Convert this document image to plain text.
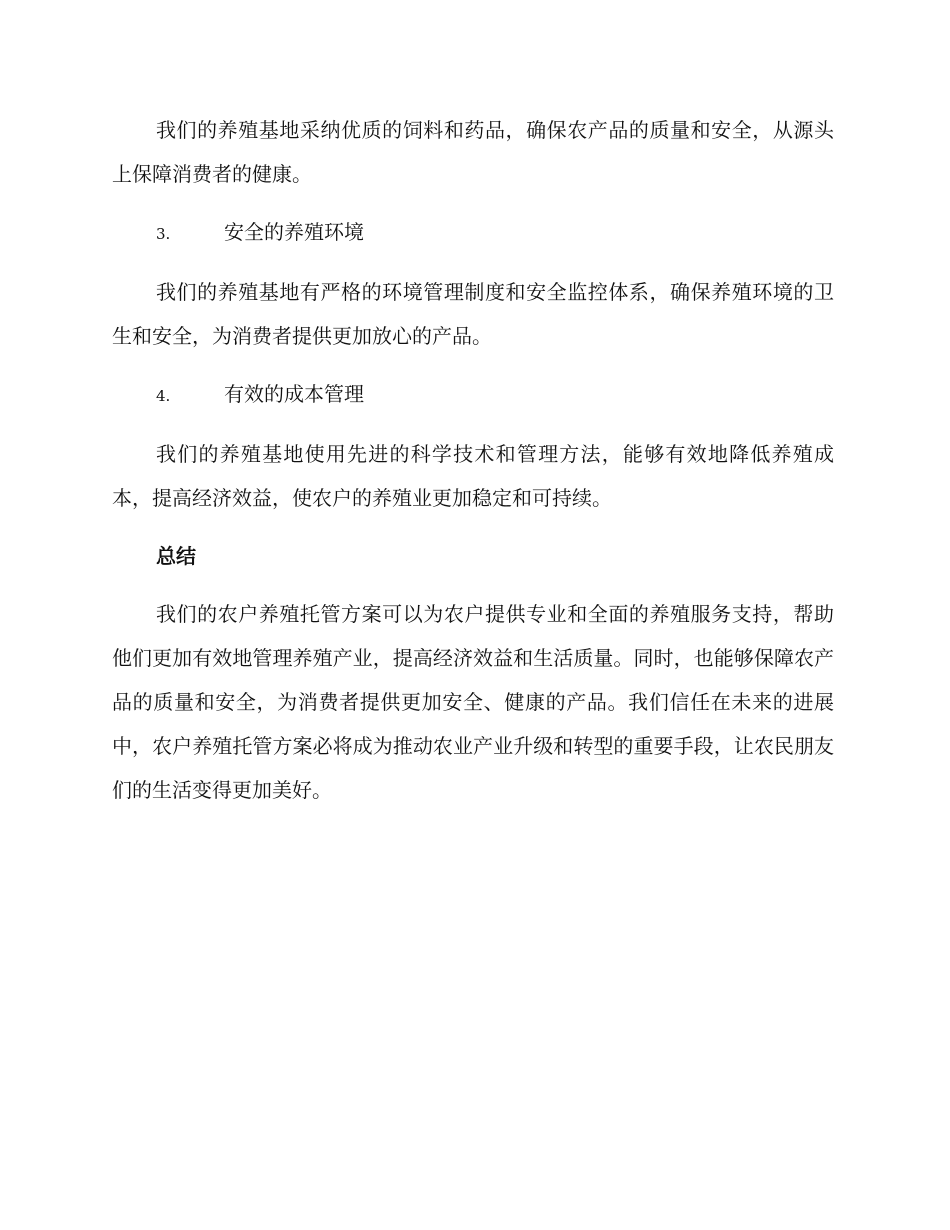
我们的养殖基地采纳优质的饲料和药品，确保农产品的质量和安全，从源头上保障消费者的健康。

3.	安全的养殖环境

我们的养殖基地有严格的环境管理制度和安全监控体系，确保养殖环境的卫生和安全，为消费者提供更加放心的产品。

4.	有效的成本管理

我们的养殖基地使用先进的科学技术和管理方法，能够有效地降低养殖成本，提高经济效益，使农户的养殖业更加稳定和可持续。

总结

我们的农户养殖托管方案可以为农户提供专业和全面的养殖服务支持，帮助他们更加有效地管理养殖产业，提高经济效益和生活质量。同时，也能够保障农产品的质量和安全，为消费者提供更加安全、健康的产品。我们信任在未来的进展中，农户养殖托管方案必将成为推动农业产业升级和转型的重要手段，让农民朋友们的生活变得更加美好。
